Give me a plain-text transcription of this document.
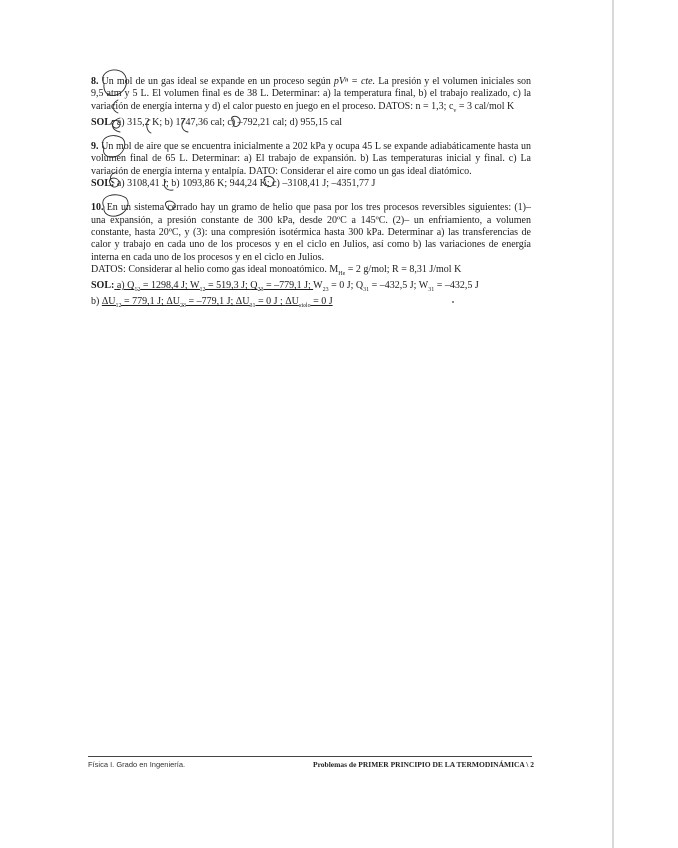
8. Un mol de un gas ideal se expande en un proceso según pVⁿ = cte. La presión y el volumen iniciales son 9,5 atm y 5 L. El volumen final es de 38 L. Determinar: a) la temperatura final, b) el trabajo realizado, c) la variación de energía interna y d) el calor puesto en juego en el proceso. DATOS: n = 1,3; $c_v = 3$ cal/mol K

SOL: a) 315,2 K; b) 1747,36 cal; c) –792,21 cal; d) 955,15 cal

9. Un mol de aire que se encuentra inicialmente a 202 kPa y ocupa 45 L se expande adiabáticamente hasta un volumen final de 65 L. Determinar: a) El trabajo de expansión. b) Las temperaturas inicial y final. c) La variación de energía interna y entalpía. DATO: Considerar el aire como un gas ideal diatómico.

SOL: a) 3108,41 J; b) 1093,86 K; 944,24 K; c) –3108,41 J; –4351,77 J

10. En un sistema cerrado hay un gramo de helio que pasa por los tres procesos reversibles siguientes: (1)– una expansión, a presión constante de 300 kPa, desde 20ºC a 145ºC. (2)– un enfriamiento, a volumen constante, hasta 20ºC, y (3): una compresión isotérmica hasta 300 kPa. Determinar a) las transferencias de calor y trabajo en cada uno de los procesos y en el ciclo en Julios, así como b) las variaciones de energía interna en cada uno de los procesos y en el ciclo en Julios.

DATOS: Considerar al helio como gas ideal monoatómico. $M_{He} = 2$ g/mol; R = 8,31 J/mol K

SOL: a) $Q_{12} = 1298,4$ J; $W_{12} = 519,3$ J; $Q_{23} = -779,1$ J; $W_{23} = 0$ J; $Q_{31} = -432,5$ J; $W_{31} = -432,5$ J

b) $\Delta U_{12} = 779,1$ J; $\Delta U_{23} = -779,1$ J; $\Delta U_{31} = 0$ J ; $\Delta U_{ciclo} = 0$ J

Física I. Grado en Ingeniería.	Problemas de PRIMER PRINCIPIO DE LA TERMODINÁMICA \ 2
